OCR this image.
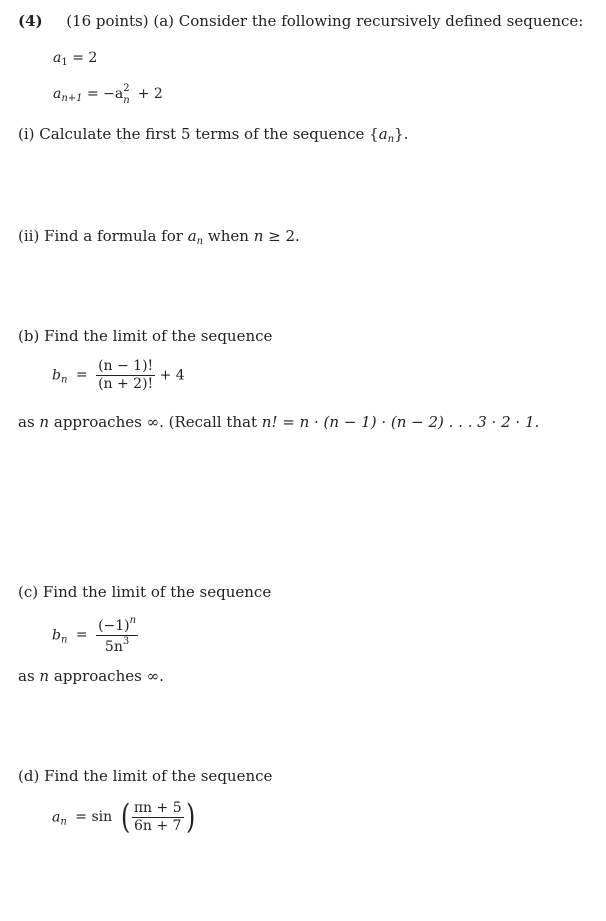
(4) (16 points) (a) Consider the following recursively defined sequence:
$a_1 = 2$
$a_{n+1} = -a$ 2
n + 2
(i) Calculate the first 5 terms of the sequence $\{a_n\}$.
(ii) Find a formula for $a_n$ when n ≥ 2.
(b) Find the limit of the sequence
$b_n = \frac{(n - 1)!}{(n + 2)!} + 4$
as n approaches ∞. (Recall that n! = n · (n − 1) · (n − 2) . . . 3 · 2 · 1.
(c) Find the limit of the sequence
$b_n = \frac{(-1)^n}{5n^3}$
as n approaches ∞.
(d) Find the limit of the sequence
$a_n = \sin$ ( $\frac{\pi n + 5}{6n + 7}$ )
